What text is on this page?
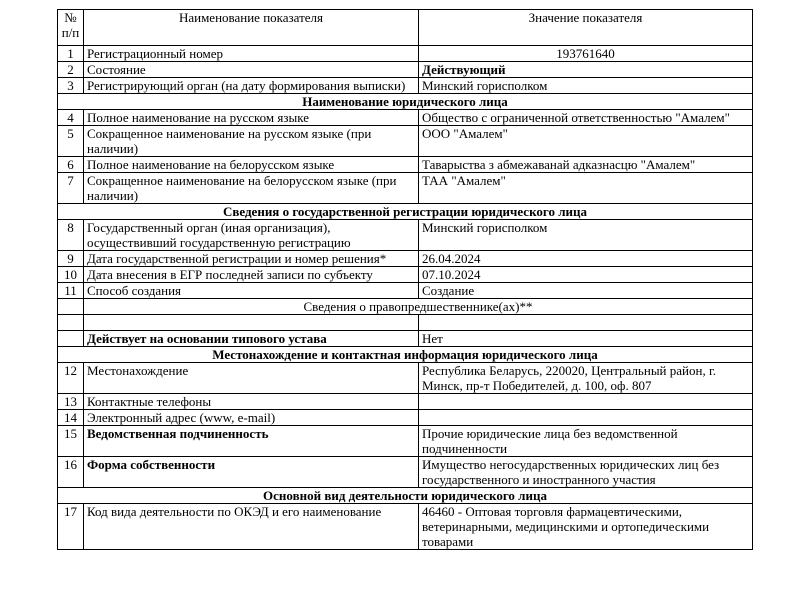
№ п/п	Наименование показателя	Значение показателя
1	Регистрационный номер	193761640
2	Состояние	Действующий
3	Регистрирующий орган (на дату формирования выписки)	Минский горисполком
Наименование юридического лица		
4	Полное наименование на русском языке	Общество с ограниченной ответственностью "Амалем"
5	Сокращенное наименование на русском языке (при наличии)	ООО "Амалем"
6	Полное наименование на белорусском языке	Таварыства з абмежаванай адказнасцю "Амалем"
7	Сокращенное наименование на белорусском языке (при наличии)	ТАА "Амалем"
Сведения о государственной регистрации юридического лица		
8	Государственный орган (иная организация), осуществивший государственную регистрацию	Минский горисполком
9	Дата государственной регистрации и номер решения*	26.04.2024
10	Дата внесения в ЕГР последней записи по субъекту	07.10.2024
11	Способ создания	Создание
	Сведения о правопредшественнике(ах)**	

	Действует на основании типового устава	Нет
Местонахождение и контактная информация юридического лица		
12	Местонахождение	Республика Беларусь, 220020, Центральный район, г. Минск, пр-т Победителей, д. 100, оф. 807
13	Контактные телефоны	
14	Электронный адрес (www, e-mail)	
15	Ведомственная подчиненность	Прочие юридические лица без ведомственной подчиненности
16	Форма собственности	Имущество негосударственных юридических лиц без государственного и иностранного участия
Основной вид деятельности юридического лица		
17	Код вида деятельности по ОКЭД и его наименование	46460 - Оптовая торговля фармацевтическими, ветеринарными, медицинскими и ортопедическими товарами
